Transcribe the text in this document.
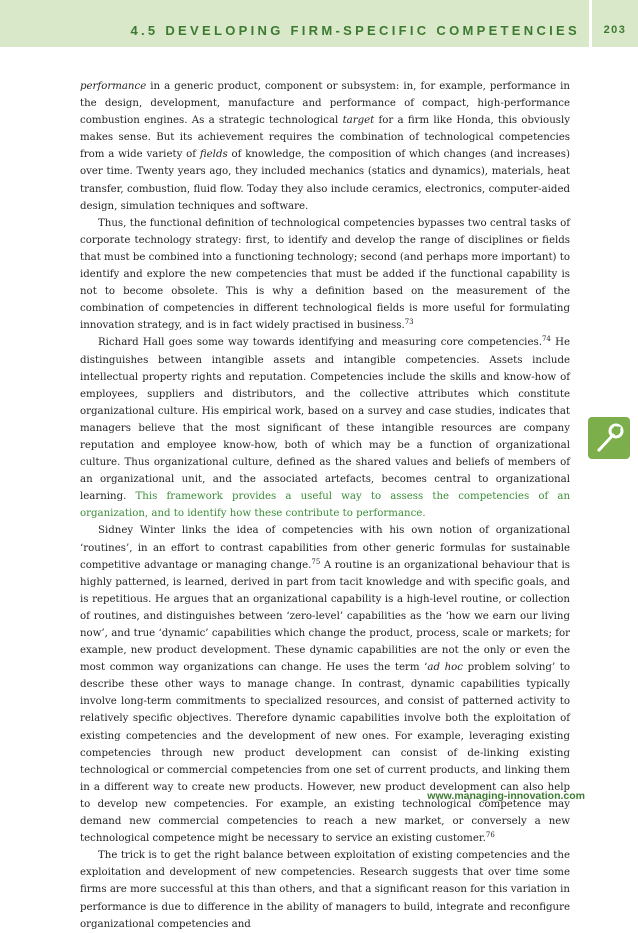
4.5 DEVELOPING FIRM-SPECIFIC COMPETENCIES	203

performance in a generic product, component or subsystem: in, for example, performance in the design, development, manufacture and performance of compact, high-performance combustion engines. As a strategic technological target for a firm like Honda, this obviously makes sense. But its achievement requires the combination of technological competencies from a wide variety of fields of knowledge, the composition of which changes (and increases) over time. Twenty years ago, they included mechanics (statics and dynamics), materials, heat transfer, combustion, fluid flow. Today they also include ceramics, electronics, computer-aided design, simulation techniques and software.

Thus, the functional definition of technological competencies bypasses two central tasks of corporate technology strategy: first, to identify and develop the range of disciplines or fields that must be combined into a functioning technology; second (and perhaps more important) to identify and explore the new competencies that must be added if the functional capability is not to become obsolete. This is why a definition based on the measurement of the combination of competencies in different technological fields is more useful for formulating innovation strategy, and is in fact widely practised in business.$^{73}$

Richard Hall goes some way towards identifying and measuring core competencies.$^{74}$ He distinguishes between intangible assets and intangible competencies. Assets include intellectual property rights and reputation. Competencies include the skills and know-how of employees, suppliers and distributors, and the collective attributes which constitute organizational culture. His empirical work, based on a survey and case studies, indicates that managers believe that the most significant of these intangible resources are company reputation and employee know-how, both of which may be a function of organizational culture. Thus organizational culture, defined as the shared values and beliefs of members of an organizational unit, and the associated artefacts, becomes central to organizational learning. This framework provides a useful way to assess the competencies of an organization, and to identify how these contribute to performance.

Sidney Winter links the idea of competencies with his own notion of organizational ‘routines’, in an effort to contrast capabilities from other generic formulas for sustainable competitive advantage or managing change.$^{75}$ A routine is an organizational behaviour that is highly patterned, is learned, derived in part from tacit knowledge and with specific goals, and is repetitious. He argues that an organizational capability is a high-level routine, or collection of routines, and distinguishes between ‘zero-level’ capabilities as the ‘how we earn our living now’, and true ‘dynamic’ capabilities which change the product, process, scale or markets; for example, new product development. These dynamic capabilities are not the only or even the most common way organizations can change. He uses the term ‘ad hoc problem solving’ to describe these other ways to manage change. In contrast, dynamic capabilities typically involve long-term commitments to specialized resources, and consist of patterned activity to relatively specific objectives. Therefore dynamic capabilities involve both the exploitation of existing competencies and the development of new ones. For example, leveraging existing competencies through new product development can consist of de-linking existing technological or commercial competencies from one set of current products, and linking them in a different way to create new products. However, new product development can also help to develop new competencies. For example, an existing technological competence may demand new commercial competencies to reach a new market, or conversely a new technological competence might be necessary to service an existing customer.$^{76}$

The trick is to get the right balance between exploitation of existing competencies and the exploitation and development of new competencies. Research suggests that over time some firms are more successful at this than others, and that a significant reason for this variation in performance is due to difference in the ability of managers to build, integrate and reconfigure organizational competencies and

www.managing-innovation.com
